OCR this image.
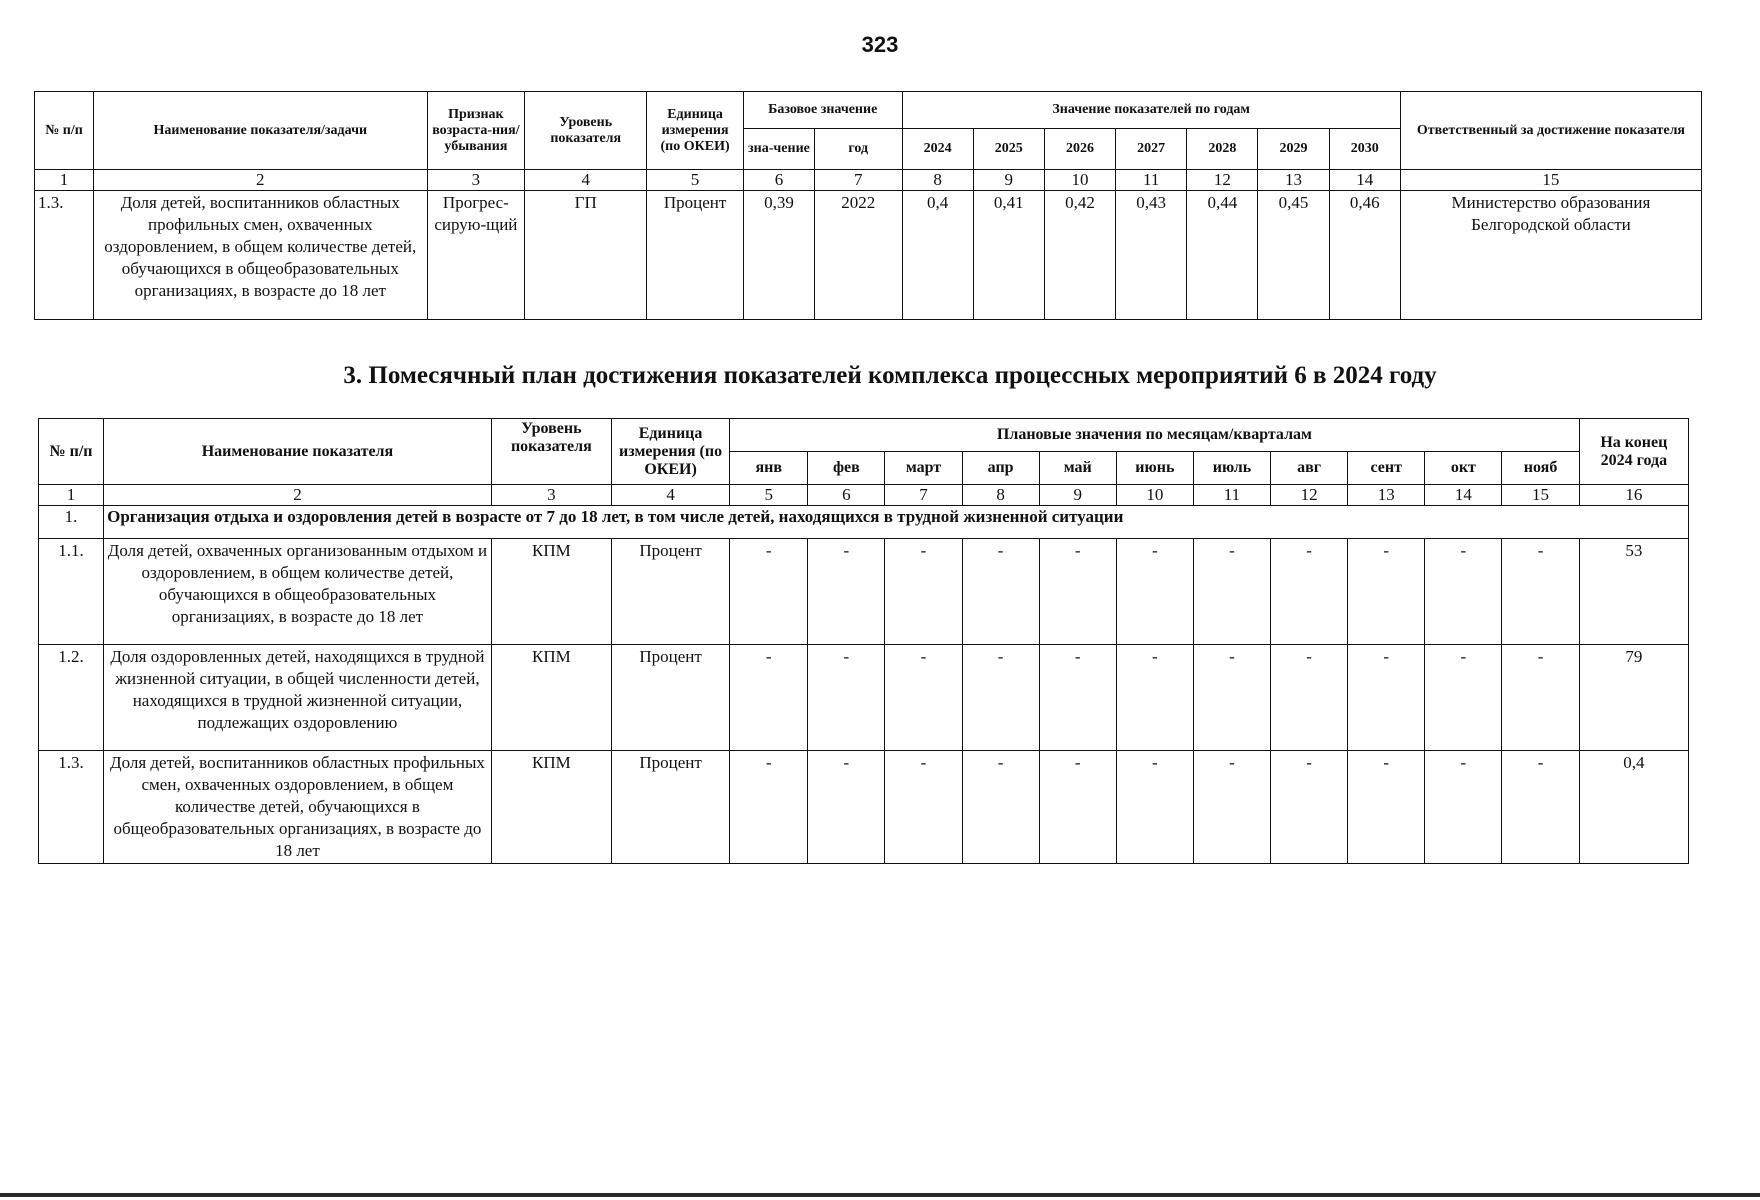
323
№ п/п	Наименование показателя/задачи	Признак возраста-ния/ убывания	Уровень показателя	Единица измерения (по ОКЕИ)	Базовое значение		Значение показателей по годам							Ответственный за достижение показателя
					зна-чение	год	2024	2025	2026	2027	2028	2029	2030	
1	2	3	4	5	6	7	8	9	10	11	12	13	14	15
1.3.	Доля детей, воспитанников областных профильных смен, охваченных оздоровлением, в общем количестве детей, обучающихся в общеобразовательных организациях, в возрасте до 18 лет	Прогрес-сирую-щий	ГП	Процент	0,39	2022	0,4	0,41	0,42	0,43	0,44	0,45	0,46	Министерство образования Белгородской области
3. Помесячный план достижения показателей комплекса процессных мероприятий 6 в 2024 году
№ п/п	Наименование показателя	Уровень показателя	Единица измерения (по ОКЕИ)	Плановые значения по месяцам/кварталам											На конец 2024 года
				янв	фев	март	апр	май	июнь	июль	авг	сент	окт	нояб	
1	2	3	4	5	6	7	8	9	10	11	12	13	14	15	16
1.	Организация отдыха и оздоровления детей в возрасте от 7 до 18 лет, в том числе детей, находящихся в трудной жизненной ситуации														
1.1.	Доля детей, охваченных организованным отдыхом и оздоровлением, в общем количестве детей, обучающихся в общеобразовательных организациях, в возрасте до 18 лет	КПМ	Процент	-	-	-	-	-	-	-	-	-	-	-	53
1.2.	Доля оздоровленных детей, находящихся в трудной жизненной ситуации, в общей численности детей, находящихся в трудной жизненной ситуации, подлежащих оздоровлению	КПМ	Процент	-	-	-	-	-	-	-	-	-	-	-	79
1.3.	Доля детей, воспитанников областных профильных смен, охваченных оздоровлением, в общем количестве детей, обучающихся в общеобразовательных организациях, в возрасте до 18 лет	КПМ	Процент	-	-	-	-	-	-	-	-	-	-	-	0,4
